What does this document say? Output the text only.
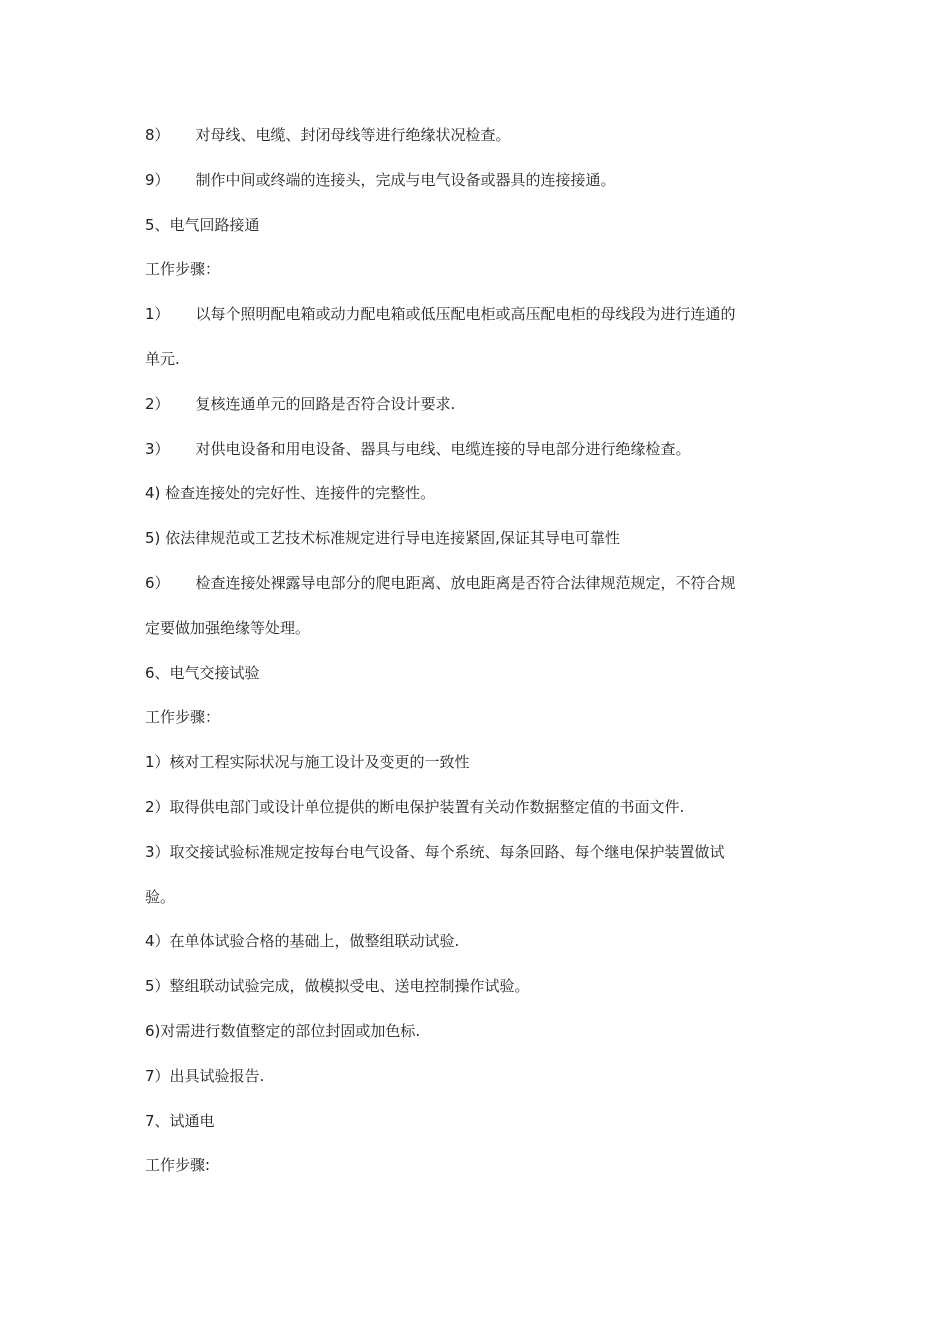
8） 对母线、电缆、封闭母线等进行绝缘状况检查。
9） 制作中间或终端的连接头，完成与电气设备或器具的连接接通。
5、电气回路接通
工作步骤：
1） 以每个照明配电箱或动力配电箱或低压配电柜或高压配电柜的母线段为进行连通的
单元.
2） 复核连通单元的回路是否符合设计要求.
3） 对供电设备和用电设备、器具与电线、电缆连接的导电部分进行绝缘检查。
4) 检查连接处的完好性、连接件的完整性。
5) 依法律规范或工艺技术标准规定进行导电连接紧固,保证其导电可靠性
6） 检查连接处裸露导电部分的爬电距离、放电距离是否符合法律规范规定，不符合规
定要做加强绝缘等处理。
6、电气交接试验
工作步骤：
1）核对工程实际状况与施工设计及变更的一致性
2）取得供电部门或设计单位提供的断电保护装置有关动作数据整定值的书面文件.
3）取交接试验标准规定按每台电气设备、每个系统、每条回路、每个继电保护装置做试
验。
4）在单体试验合格的基础上，做整组联动试验.
5）整组联动试验完成，做模拟受电、送电控制操作试验。
6)对需进行数值整定的部位封固或加色标.
7）出具试验报告.
7、试通电
工作步骤:
